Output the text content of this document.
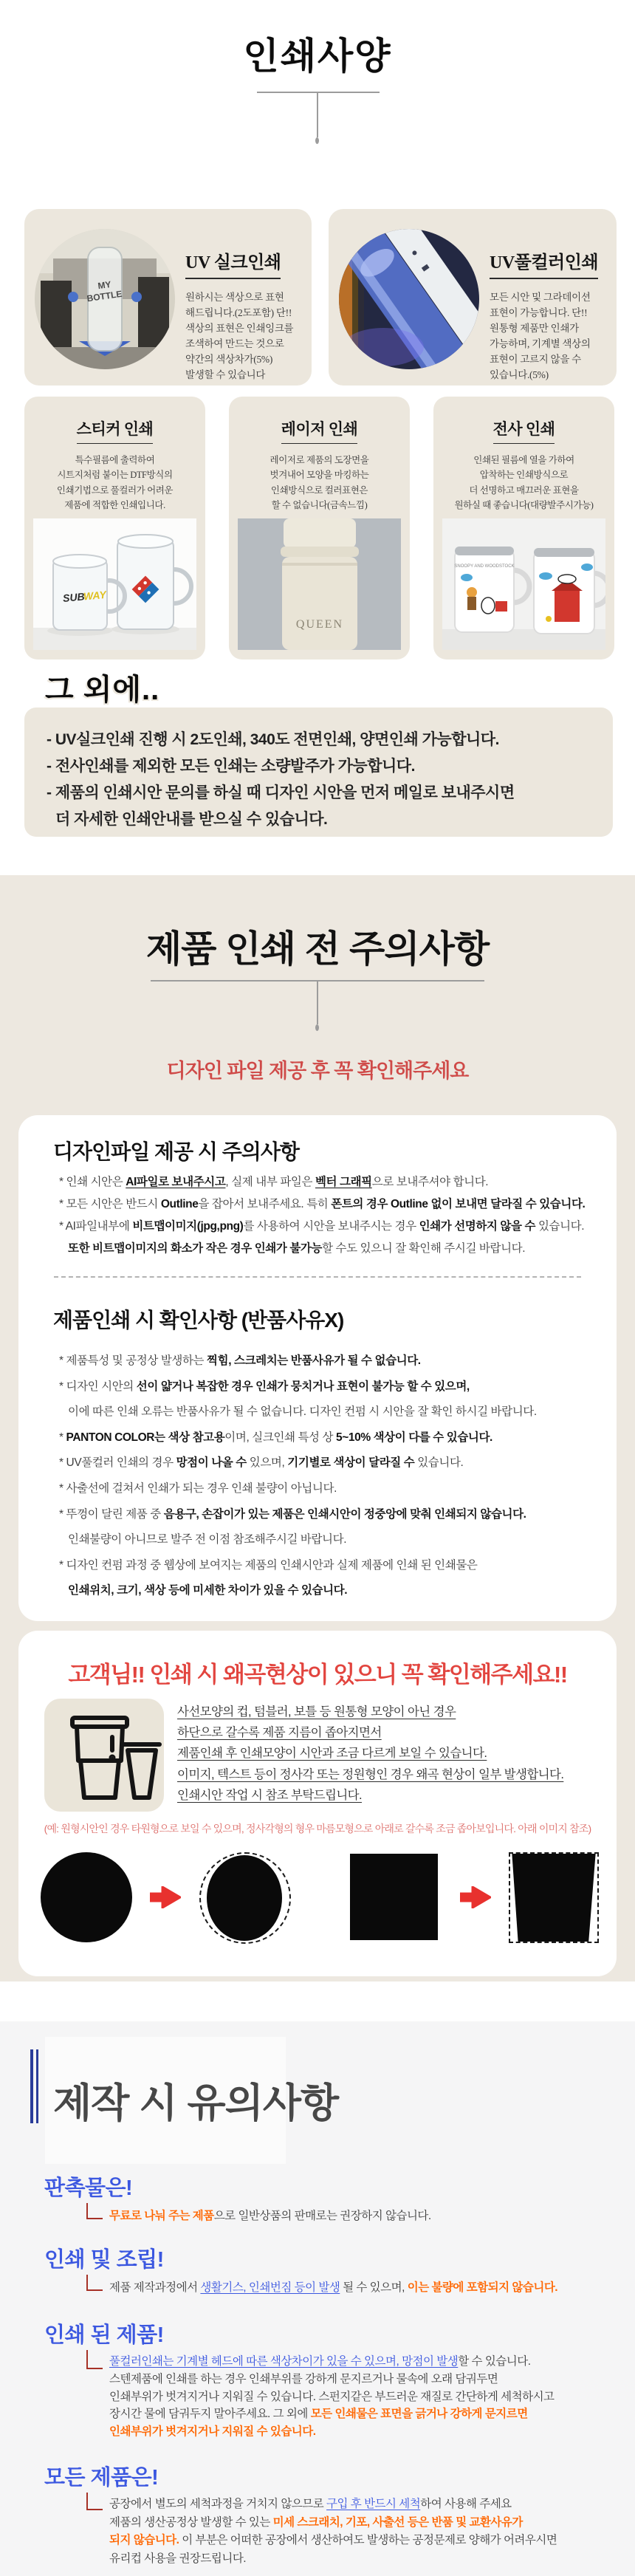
인쇄사양
MY
BOTTLE
UV 실크인쇄
원하시는 색상으로 표현
해드립니다.(2도포함) 단!!
색상의 표현은 인쇄잉크를
조색하여 만드는 것으로
약간의 색상차가(5%)
발생할 수 있습니다
UV풀컬러인쇄
모든 시안 및 그라데이션
표현이 가능합니다. 단!!
원통형 제품만 인쇄가
가능하며, 기계별 색상의
표현이 고르지 않을 수
있습니다.(5%)
스티커 인쇄
특수필름에 출력하여
시트지처럼 붙이는 DTF방식의
인쇄기법으로 풀컬러가 어려운
제품에 적합한 인쇄입니다.
SUB
WAY
레이저 인쇄
레이저로 제품의 도장면을
벗겨내어 모양을 마킹하는
인쇄방식으로 컬러표현은
할 수 없습니다(금속느낌)
QUEEN
전사 인쇄
인쇄된 필름에 열을 가하여
압착하는 인쇄방식으로
더 선명하고 매끄러운 표현을
원하실 때 좋습니다(대량발주시가능)
SNOOPY AND WOODSTOCK
그 외에..
- UV실크인쇄 진행 시 2도인쇄, 340도 전면인쇄, 양면인쇄 가능합니다.
- 전사인쇄를 제외한 모든 인쇄는 소량발주가 가능합니다.
- 제품의 인쇄시안 문의를 하실 때 디자인 시안을 먼저 메일로 보내주시면
더 자세한 인쇄안내를 받으실 수 있습니다.
제품 인쇄 전 주의사항
디자인 파일 제공 후 꼭 확인해주세요
디자인파일 제공 시 주의사항
* 인쇄 시안은 AI파일로 보내주시고, 실제 내부 파일은 벡터 그래픽으로 보내주셔야 합니다.
* 모든 시안은 반드시 Outline을 잡아서 보내주세요. 특히 폰트의 경우 Outline 없이 보내면 달라질 수 있습니다.
* AI파일내부에 비트맵이미지(jpg,png)를 사용하여 시안을 보내주시는 경우 인쇄가 선명하지 않을 수 있습니다.
또한 비트맵이미지의 화소가 작은 경우 인쇄가 불가능할 수도 있으니 잘 확인해 주시길 바랍니다.
제품인쇄 시 확인사항 (반품사유X)
* 제품특성 및 공정상 발생하는 찍힘, 스크레치는 반품사유가 될 수 없습니다.
* 디자인 시안의 선이 얇거나 복잡한 경우 인쇄가 뭉치거나 표현이 불가능 할 수 있으며,
이에 따른 인쇄 오류는 반품사유가 될 수 없습니다. 디자인 컨펌 시 시안을 잘 확인 하시길 바랍니다.
* PANTON COLOR는 색상 참고용이며, 실크인쇄 특성 상 5~10% 색상이 다를 수 있습니다.
* UV풀컬러 인쇄의 경우 망점이 나올 수 있으며, 기기별로 색상이 달라질 수 있습니다.
* 사출선에 걸쳐서 인쇄가 되는 경우 인쇄 불량이 아닙니다.
* 뚜껑이 달린 제품 중 음용구, 손잡이가 있는 제품은 인쇄시안이 정중앙에 맞춰 인쇄되지 않습니다.
인쇄불량이 아니므로 발주 전 이점 참조해주시길 바랍니다.
* 디자인 컨펌 과정 중 웹상에 보여지는 제품의 인쇄시안과 실제 제품에 인쇄 된 인쇄물은
인쇄위치, 크기, 색상 등에 미세한 차이가 있을 수 있습니다.
고객님!! 인쇄 시 왜곡현상이 있으니 꼭 확인해주세요!!
사선모양의 컵, 텀블러, 보틀 등 원통형 모양이 아닌 경우
하단으로 갈수록 제품 지름이 좁아지면서
제품인쇄 후 인쇄모양이 시안과 조금 다르게 보일 수 있습니다.
이미지, 텍스트 등이 정사각 또는 정원형인 경우 왜곡 현상이 일부 발생합니다.
인쇄시안 작업 시 참조 부탁드립니다.
(예: 원형시안인 경우 타원형으로 보일 수 있으며, 정사각형의 형우 마름모형으로 아래로 갈수록 조금 좁아보입니다. 아래 이미지 참조)
제작 시 유의사항
판촉물은!
무료로 나눠 주는 제품으로 일반상품의 판매로는 권장하지 않습니다.
인쇄 및 조립!
제품 제작과정에서 생활기스, 인쇄번짐 등이 발생 될 수 있으며, 이는 불량에 포함되지 않습니다.
인쇄 된 제품!
풀컬러인쇄는 기계별 헤드에 따른 색상차이가 있을 수 있으며, 망점이 발생할 수 있습니다.
스텐제품에 인쇄를 하는 경우 인쇄부위를 강하게 문지르거나 물속에 오래 담궈두면
인쇄부위가 벗겨지거나 지워질 수 있습니다. 스펀지같은 부드러운 재질로 간단하게 세척하시고
장시간 물에 담궈두지 말아주세요. 그 외에 모든 인쇄물은 표면을 긁거나 강하게 문지르면
인쇄부위가 벗겨지거나 지워질 수 있습니다.
모든 제품은!
공장에서 별도의 세척과정을 거치지 않으므로 구입 후 반드시 세척하여 사용해 주세요
제품의 생산공정상 발생할 수 있는 미세 스크래치, 기포, 사출선 등은 반품 및 교환사유가
되지 않습니다. 이 부분은 어떠한 공장에서 생산하여도 발생하는 공정문제로 양해가 어려우시면
유리컵 사용을 권장드립니다.
